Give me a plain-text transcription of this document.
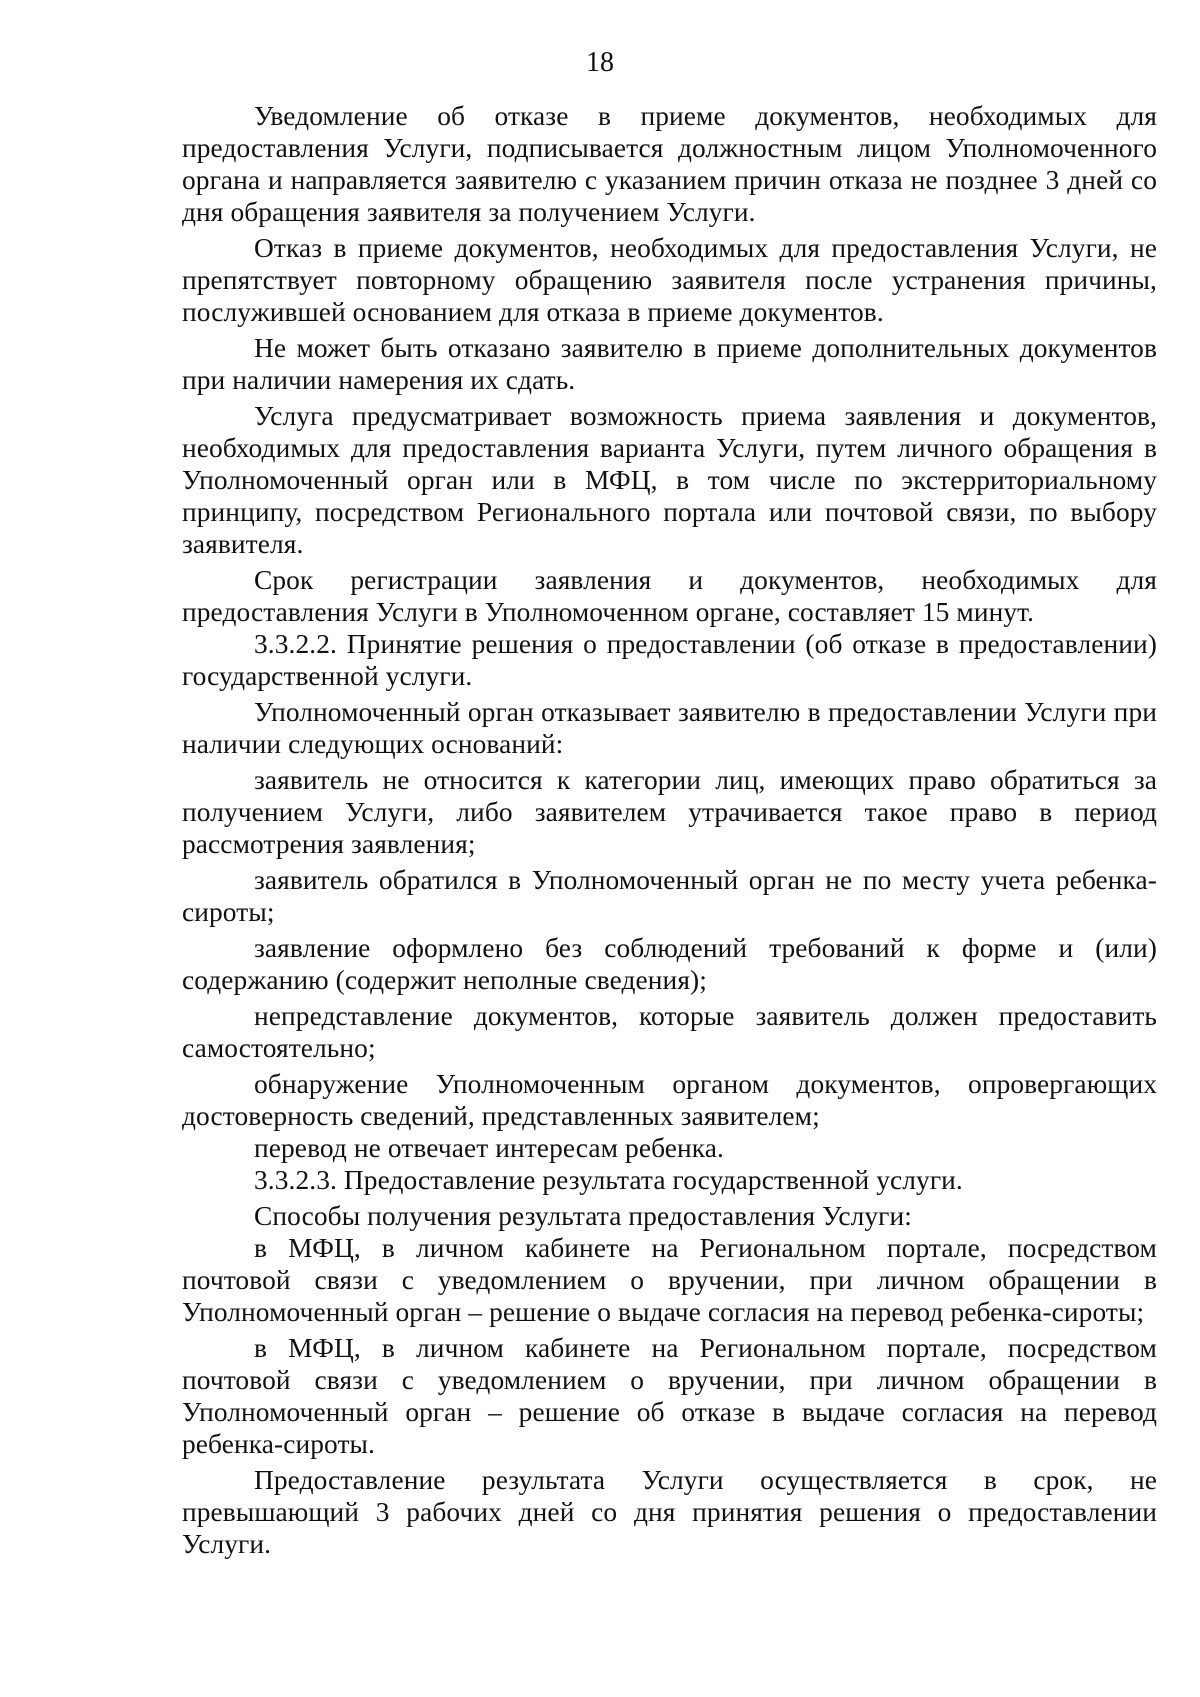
18

Уведомление об отказе в приеме документов, необходимых для предоставления Услуги, подписывается должностным лицом Уполномоченного органа и направляется заявителю с указанием причин отказа не позднее 3 дней со дня обращения заявителя за получением Услуги.

Отказ в приеме документов, необходимых для предоставления Услуги, не препятствует повторному обращению заявителя после устранения причины, послужившей основанием для отказа в приеме документов.

Не может быть отказано заявителю в приеме дополнительных документов при наличии намерения их сдать.

Услуга предусматривает возможность приема заявления и документов, необходимых для предоставления варианта Услуги, путем личного обращения в Уполномоченный орган или в МФЦ, в том числе по экстерриториальному принципу, посредством Регионального портала или почтовой связи, по выбору заявителя.

Срок регистрации заявления и документов, необходимых для предоставления Услуги в Уполномоченном органе, составляет 15 минут.

3.3.2.2. Принятие решения о предоставлении (об отказе в предоставлении) государственной услуги.

Уполномоченный орган отказывает заявителю в предоставлении Услуги при наличии следующих оснований:

заявитель не относится к категории лиц, имеющих право обратиться за получением Услуги, либо заявителем утрачивается такое право в период рассмотрения заявления;

заявитель обратился в Уполномоченный орган не по месту учета ребенка-сироты;

заявление оформлено без соблюдений требований к форме и (или) содержанию (содержит неполные сведения);

непредставление документов, которые заявитель должен предоставить самостоятельно;

обнаружение Уполномоченным органом документов, опровергающих достоверность сведений, представленных заявителем;

перевод не отвечает интересам ребенка.

3.3.2.3. Предоставление результата государственной услуги.

Способы получения результата предоставления Услуги:

в МФЦ, в личном кабинете на Региональном портале, посредством почтовой связи с уведомлением о вручении, при личном обращении в Уполномоченный орган – решение о выдаче согласия на перевод ребенка-сироты;

в МФЦ, в личном кабинете на Региональном портале, посредством почтовой связи с уведомлением о вручении, при личном обращении в Уполномоченный орган – решение об отказе в выдаче согласия на перевод ребенка-сироты.

Предоставление результата Услуги осуществляется в срок, не превышающий 3 рабочих дней со дня принятия решения о предоставлении Услуги.
